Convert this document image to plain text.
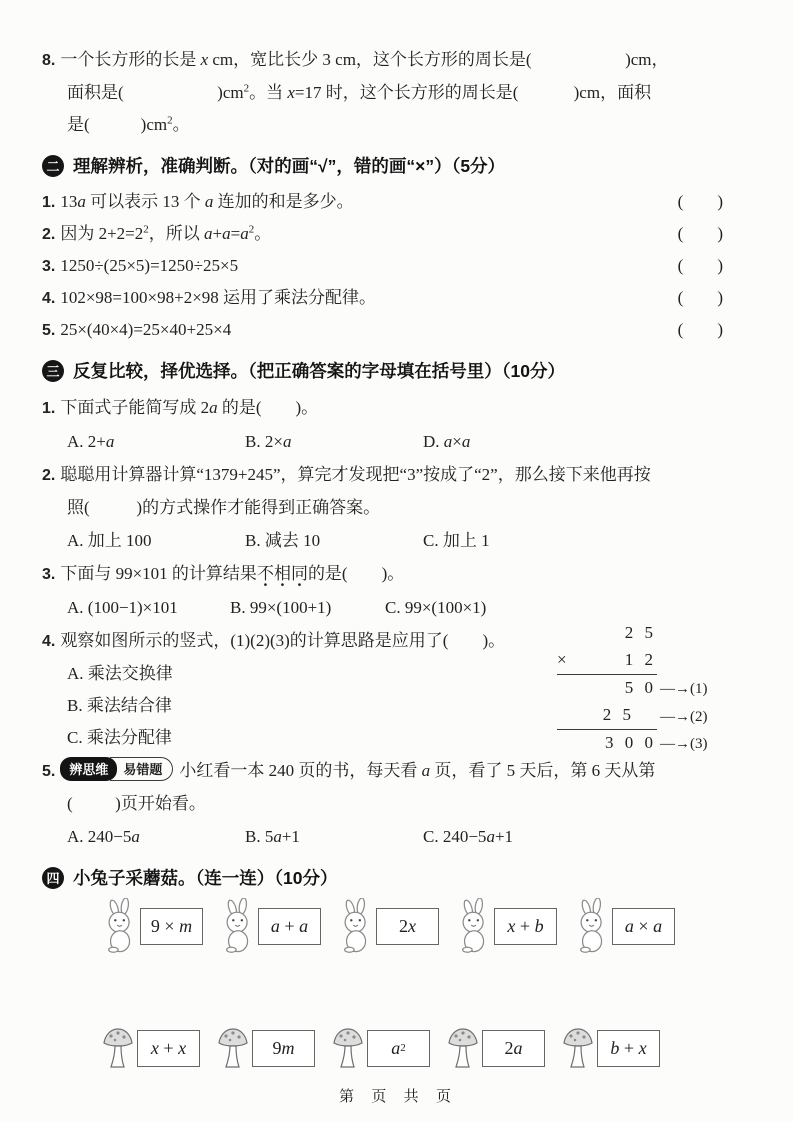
8. 一个长方形的长是 x cm，宽比长少 3 cm，这个长方形的周长是(                      )cm，
面积是(                      )$cm^2$。当 x=17 时，这个长方形的周长是(             )cm，面积
是(            )$cm^2$。
二 理解辨析，准确判断。（对的画“√”，错的画“×”）（5分）
1. 13a 可以表示 13 个 a 连加的和是多少。	(        )
2. 因为 $2+2=2^2$，所以 $a+a=a^2$。	(        )
3. 1250÷(25×5)=1250÷25×5	(        )
4. 102×98=100×98+2×98 运用了乘法分配律。	(        )
5. 25×(40×4)=25×40+25×4	(        )
三 反复比较，择优选择。（把正确答案的字母填在括号里）（10分）
1. 下面式子能简写成 2a 的是(        )。
A. 2+a	B. 2×a	D. a×a
2. 聪聪用计算器计算“1379+245”，算完才发现把“3”按成了“2”，那么接下来他再按
照(           )的方式操作才能得到正确答案。
A. 加上 100	B. 减去 10	C. 加上 1
3. 下面与 99×101 的计算结果不相同的是(        )。
A. (100−1)×101	B. 99×(100+1)	C. 99×(100×1)
4. 观察如图所示的竖式，(1)(2)(3)的计算思路是应用了(        )。
A. 乘法交换律
B. 乘法结合律
C. 乘法分配律
2 5
×	1 2
5 0 —→(1)
2 5	—→(2)
3 0 0 —→(3)
5.	辨思维	易错题	小红看一本 240 页的书，每天看 a 页，看了 5 天后，第 6 天从第
(          )页开始看。
A. 240−5a	B. 5a+1	C. 240−5a+1
四 小兔子采蘑菇。（连一连）（10分）
9 × m	a + a	2 x	x + b	a × a
x + x	9 m	a 2	2 a	b + x
第  页  共  页
